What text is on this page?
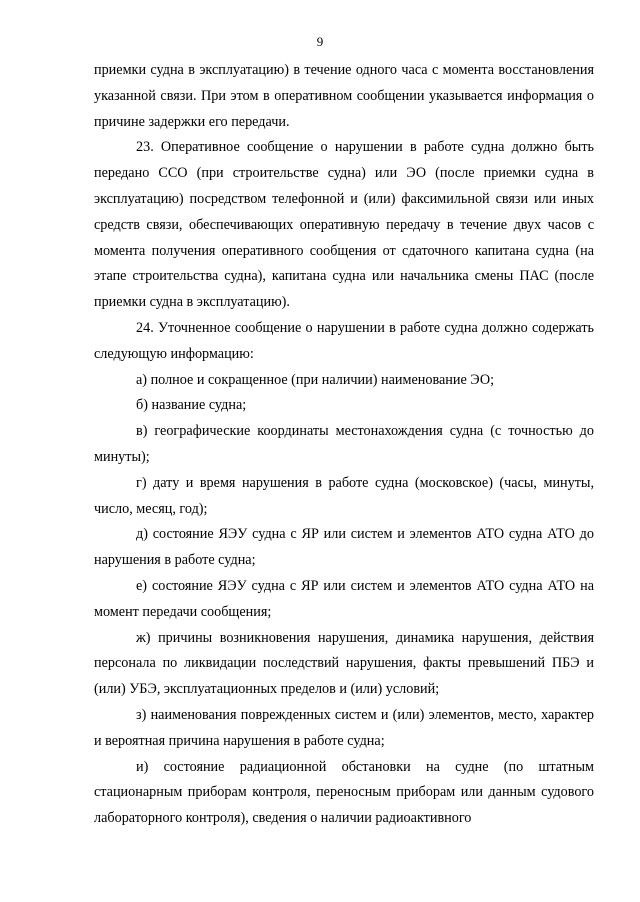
9

приемки судна в эксплуатацию) в течение одного часа с момента восстановления указанной связи. При этом в оперативном сообщении указывается информация о причине задержки его передачи.

23. Оперативное сообщение о нарушении в работе судна должно быть передано ССО (при строительстве судна) или ЭО (после приемки судна в эксплуатацию) посредством телефонной и (или) факсимильной связи или иных средств связи, обеспечивающих оперативную передачу в течение двух часов с момента получения оперативного сообщения от сдаточного капитана судна (на этапе строительства судна), капитана судна или начальника смены ПАС (после приемки судна в эксплуатацию).

24. Уточненное сообщение о нарушении в работе судна должно содержать следующую информацию:

а) полное и сокращенное (при наличии) наименование ЭО;

б) название судна;

в) географические координаты местонахождения судна (с точностью до минуты);

г) дату и время нарушения в работе судна (московское) (часы, минуты, число, месяц, год);

д) состояние ЯЭУ судна с ЯР или систем и элементов АТО судна АТО до нарушения в работе судна;

е) состояние ЯЭУ судна с ЯР или систем и элементов АТО судна АТО на момент передачи сообщения;

ж) причины возникновения нарушения, динамика нарушения, действия персонала по ликвидации последствий нарушения, факты превышений ПБЭ и (или) УБЭ, эксплуатационных пределов и (или) условий;

з) наименования поврежденных систем и (или) элементов, место, характер и вероятная причина нарушения в работе судна;

и) состояние радиационной обстановки на судне (по штатным стационарным приборам контроля, переносным приборам или данным судового лабораторного контроля), сведения о наличии радиоактивного
